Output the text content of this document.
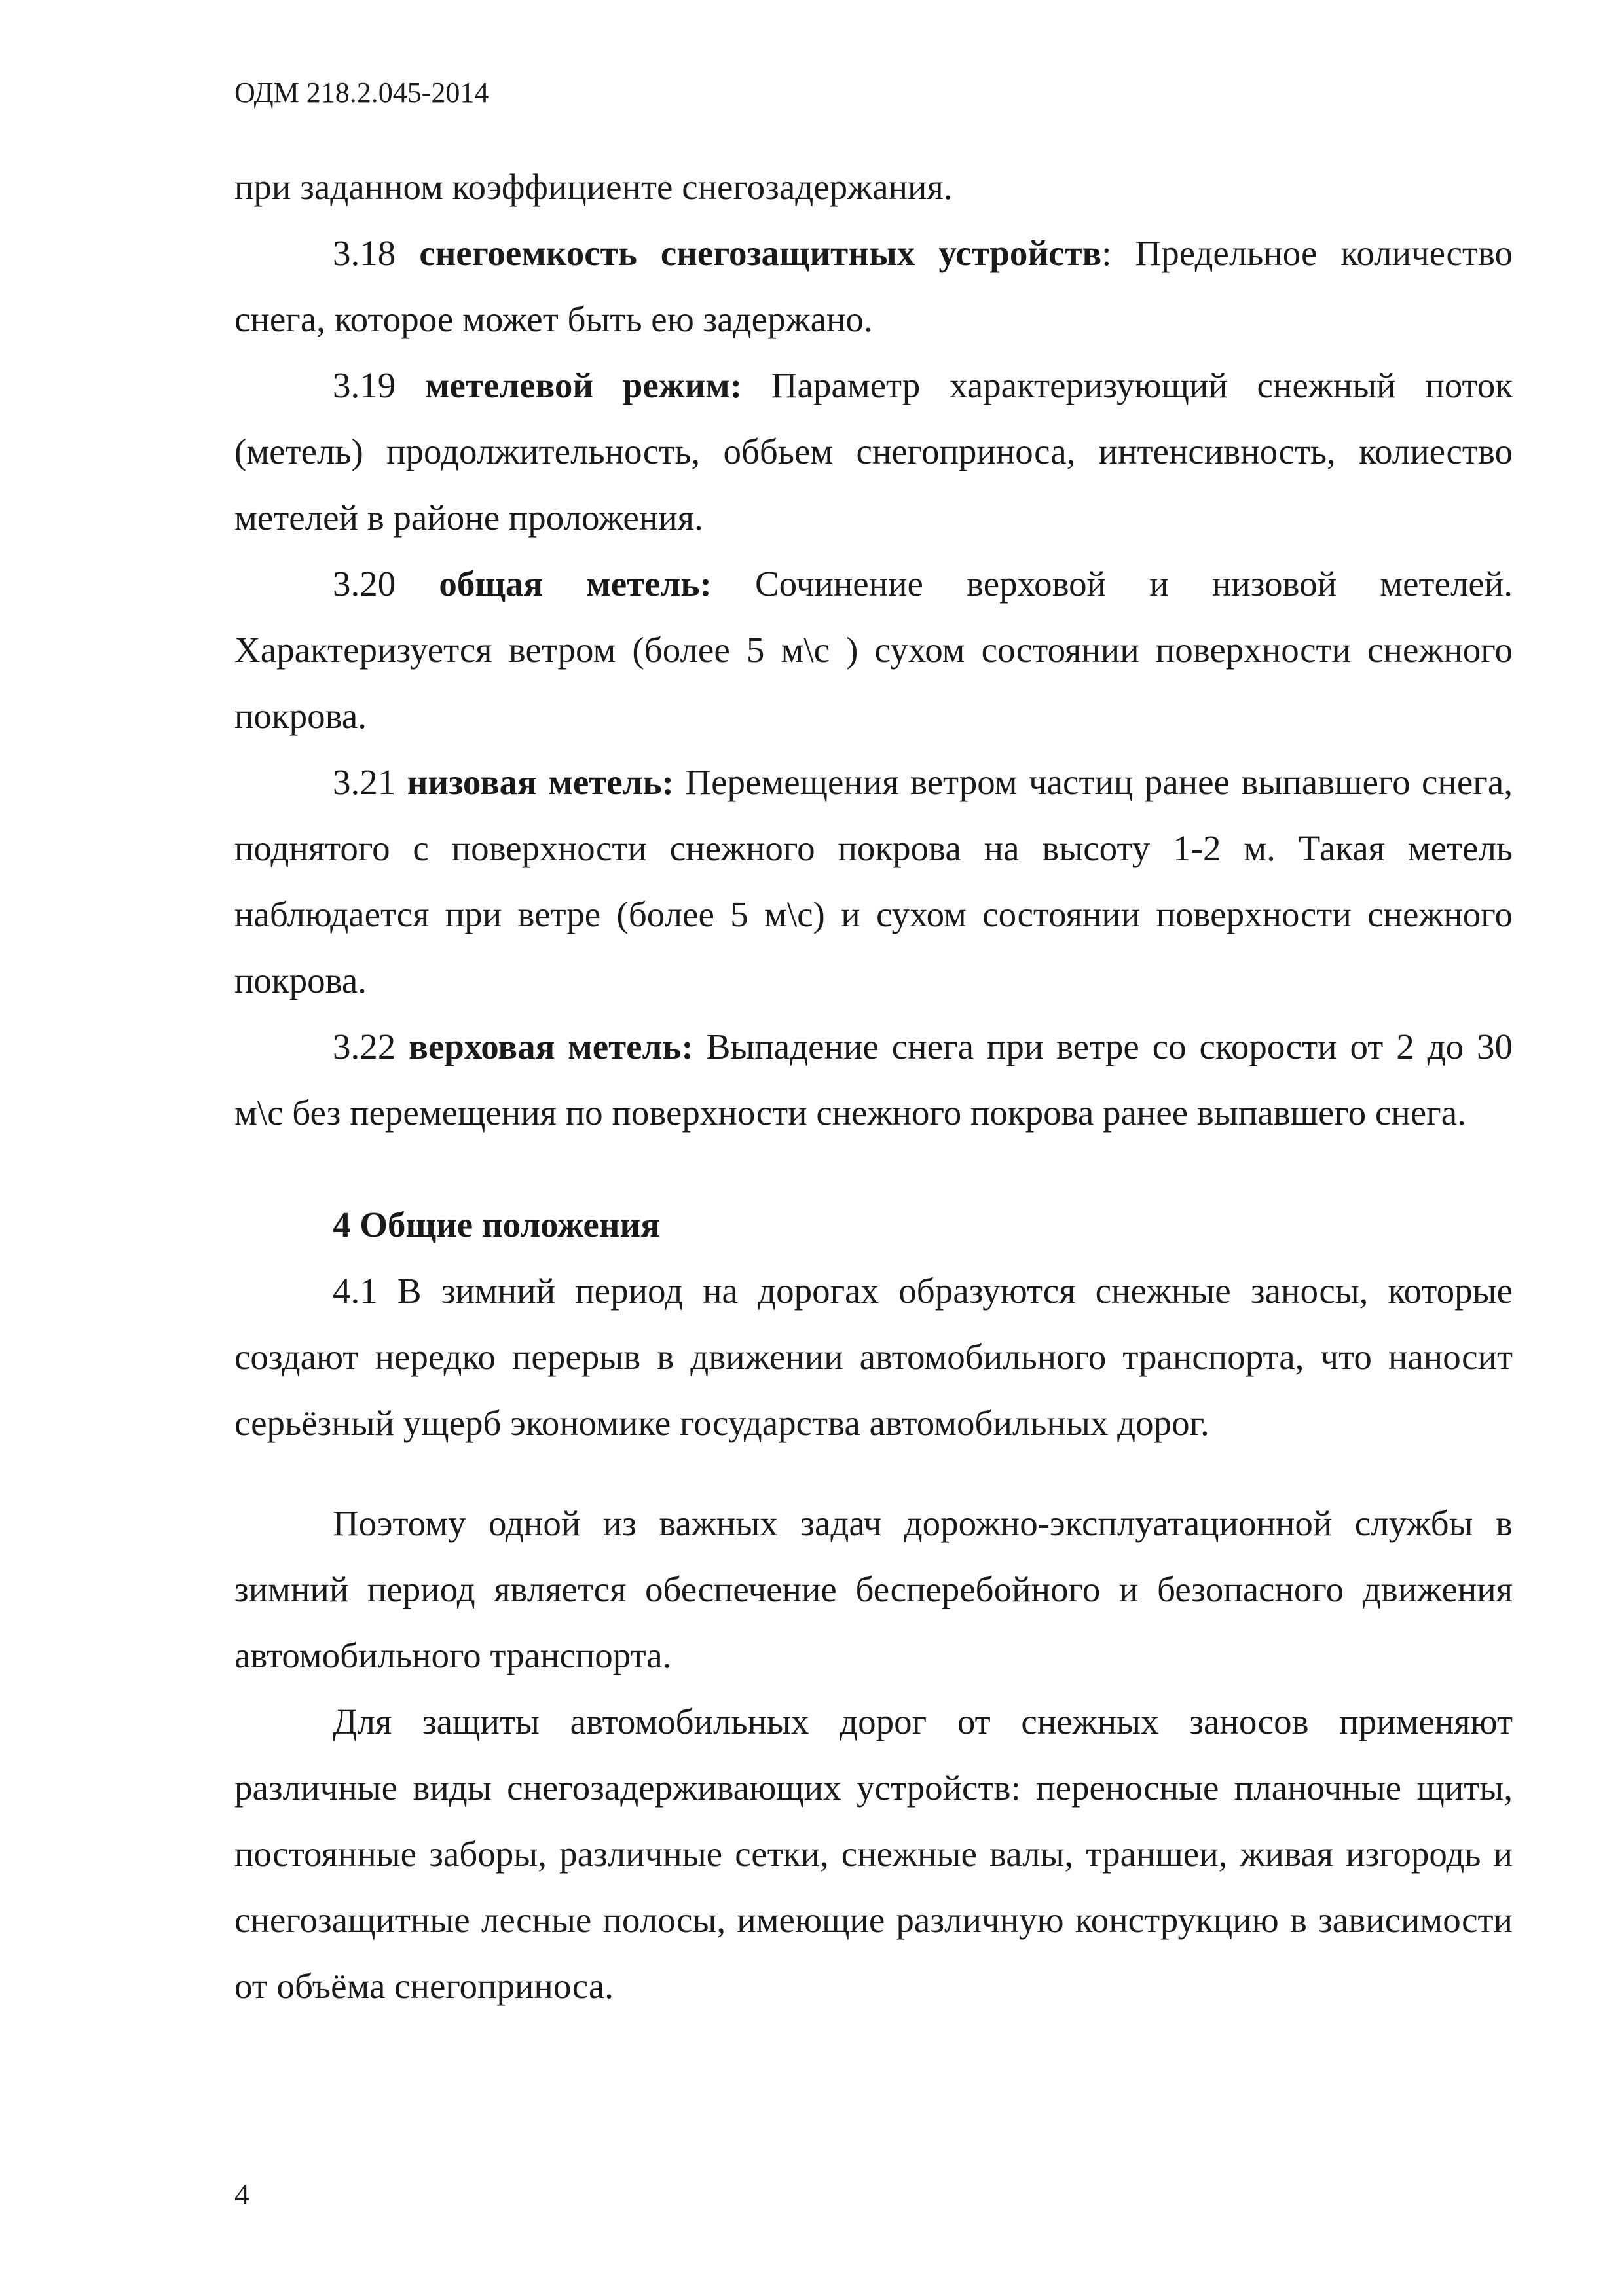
ОДМ 218.2.045-2014

при заданном коэффициенте снегозадержания.

3.18 снегоемкость снегозащитных устройств: Предельное количество снега, которое может быть ею задержано.

3.19 метелевой режим: Параметр характеризующий снежный поток (метель) продолжительность, оббьем снегоприноса, интенсивность, колиество метелей в районе проложения.

3.20 общая метель: Сочинение верховой и низовой метелей. Характеризуется ветром (более 5 м\с ) сухом состоянии поверхности снежного покрова.

3.21 низовая метель: Перемещения ветром частиц ранее выпавшего снега, поднятого с поверхности снежного покрова на высоту 1-2 м. Такая метель наблюдается при ветре (более 5 м\с) и сухом состоянии поверхности снежного покрова.

3.22 верховая метель: Выпадение снега при ветре со скорости от 2 до 30 м\с без перемещения по поверхности снежного покрова ранее выпавшего снега.

4 Общие положения

4.1 В зимний период на дорогах образуются снежные заносы, которые создают нередко перерыв в движении автомобильного транспорта, что наносит серьёзный ущерб экономике государства автомобильных дорог.

Поэтому одной из важных задач дорожно-эксплуатационной службы в зимний период является обеспечение бесперебойного и безопасного движения автомобильного транспорта.

Для защиты автомобильных дорог от снежных заносов применяют различные виды снегозадерживающих устройств: переносные планочные щиты, постоянные заборы, различные сетки, снежные валы, траншеи, живая изгородь и снегозащитные лесные полосы, имеющие различную конструкцию в зависимости от объёма снегоприноса.

4
